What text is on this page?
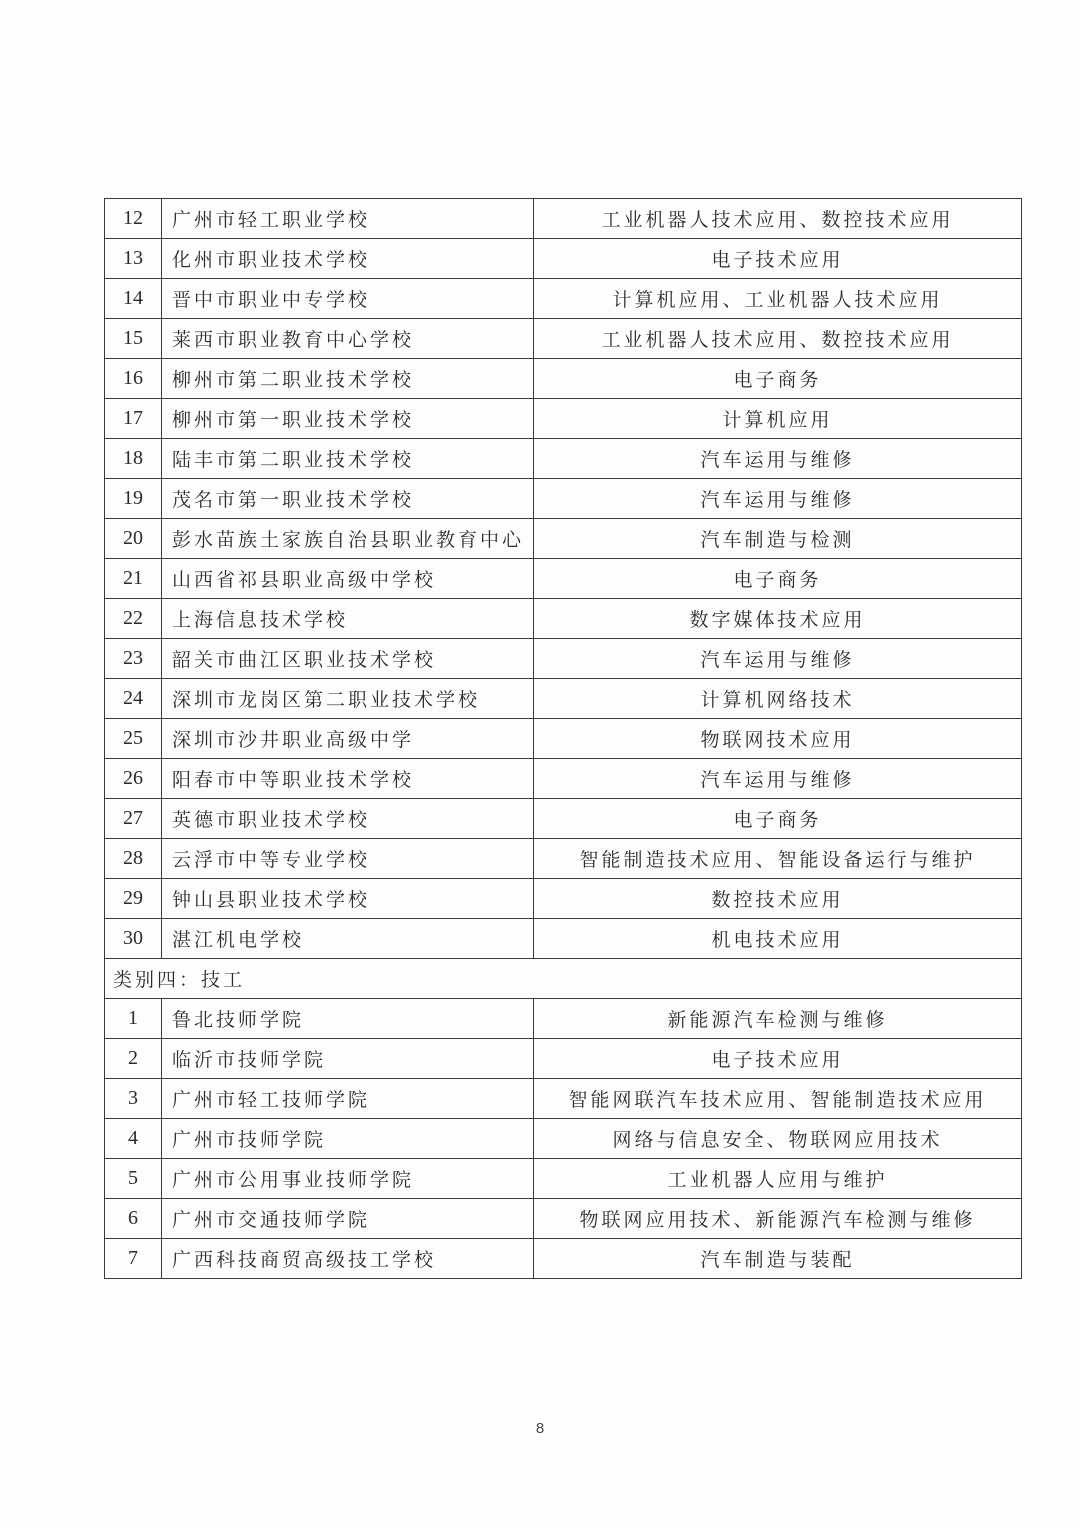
12	广州市轻工职业学校	工业机器人技术应用、数控技术应用
13	化州市职业技术学校	电子技术应用
14	晋中市职业中专学校	计算机应用、工业机器人技术应用
15	莱西市职业教育中心学校	工业机器人技术应用、数控技术应用
16	柳州市第二职业技术学校	电子商务
17	柳州市第一职业技术学校	计算机应用
18	陆丰市第二职业技术学校	汽车运用与维修
19	茂名市第一职业技术学校	汽车运用与维修
20	彭水苗族土家族自治县职业教育中心	汽车制造与检测
21	山西省祁县职业高级中学校	电子商务
22	上海信息技术学校	数字媒体技术应用
23	韶关市曲江区职业技术学校	汽车运用与维修
24	深圳市龙岗区第二职业技术学校	计算机网络技术
25	深圳市沙井职业高级中学	物联网技术应用
26	阳春市中等职业技术学校	汽车运用与维修
27	英德市职业技术学校	电子商务
28	云浮市中等专业学校	智能制造技术应用、智能设备运行与维护
29	钟山县职业技术学校	数控技术应用
30	湛江机电学校	机电技术应用
类别四：技工		
1	鲁北技师学院	新能源汽车检测与维修
2	临沂市技师学院	电子技术应用
3	广州市轻工技师学院	智能网联汽车技术应用、智能制造技术应用
4	广州市技师学院	网络与信息安全、物联网应用技术
5	广州市公用事业技师学院	工业机器人应用与维护
6	广州市交通技师学院	物联网应用技术、新能源汽车检测与维修
7	广西科技商贸高级技工学校	汽车制造与装配
8
